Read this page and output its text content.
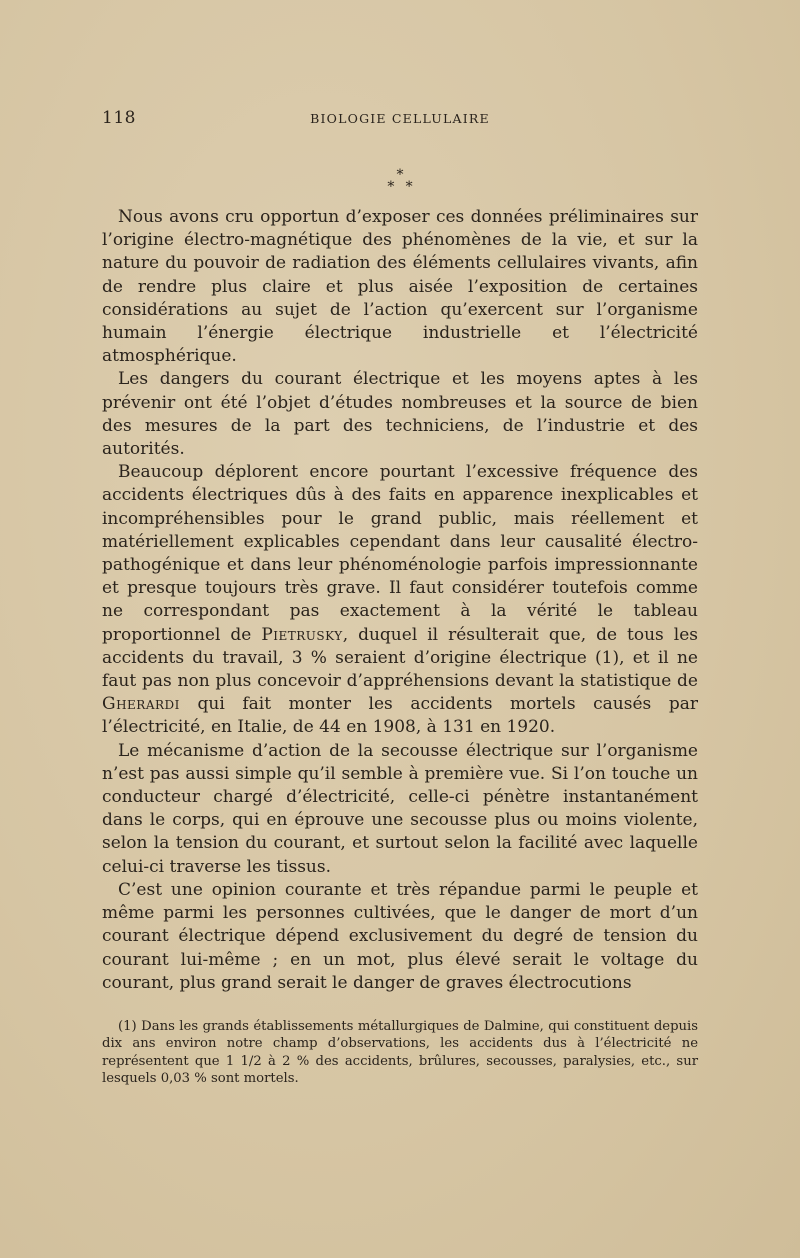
118	BIOLOGIE CELLULAIRE
*
* *

Nous avons cru opportun d’exposer ces données préliminaires sur l’origine électro-magnétique des phénomènes de la vie, et sur la nature du pouvoir de radiation des éléments cellulaires vivants, afin de rendre plus claire et plus aisée l’exposition de certaines considérations au sujet de l’action qu’exercent sur l’organisme humain l’énergie électrique industrielle et l’électricité atmosphérique.

Les dangers du courant électrique et les moyens aptes à les prévenir ont été l’objet d’études nombreuses et la source de bien des mesures de la part des techniciens, de l’industrie et des autorités.

Beaucoup déplorent encore pourtant l’excessive fréquence des accidents électriques dûs à des faits en apparence inexplicables et incompréhensibles pour le grand public, mais réellement et matériellement explicables cependant dans leur causalité électro-pathogénique et dans leur phénoménologie parfois impressionnante et presque toujours très grave. Il faut considérer toutefois comme ne correspondant pas exactement à la vérité le tableau proportionnel de Pietrusky, duquel il résulterait que, de tous les accidents du travail, 3 % seraient d’origine électrique (1), et il ne faut pas non plus concevoir d’appréhensions devant la statistique de Gherardi qui fait monter les accidents mortels causés par l’électricité, en Italie, de 44 en 1908, à 131 en 1920.

Le mécanisme d’action de la secousse électrique sur l’organisme n’est pas aussi simple qu’il semble à première vue. Si l’on touche un conducteur chargé d’électricité, celle-ci pénètre instantanément dans le corps, qui en éprouve une secousse plus ou moins violente, selon la tension du courant, et surtout selon la facilité avec laquelle celui-ci traverse les tissus.

C’est une opinion courante et très répandue parmi le peuple et même parmi les personnes cultivées, que le danger de mort d’un courant électrique dépend exclusivement du degré de tension du courant lui-même ; en un mot, plus élevé serait le voltage du courant, plus grand serait le danger de graves électrocutions

(1) Dans les grands établissements métallurgiques de Dalmine, qui constituent depuis dix ans environ notre champ d’observations, les accidents dus à l’électricité ne représentent que 1 1/2 à 2 % des accidents, brûlures, secousses, paralysies, etc., sur lesquels 0,03 % sont mortels.
